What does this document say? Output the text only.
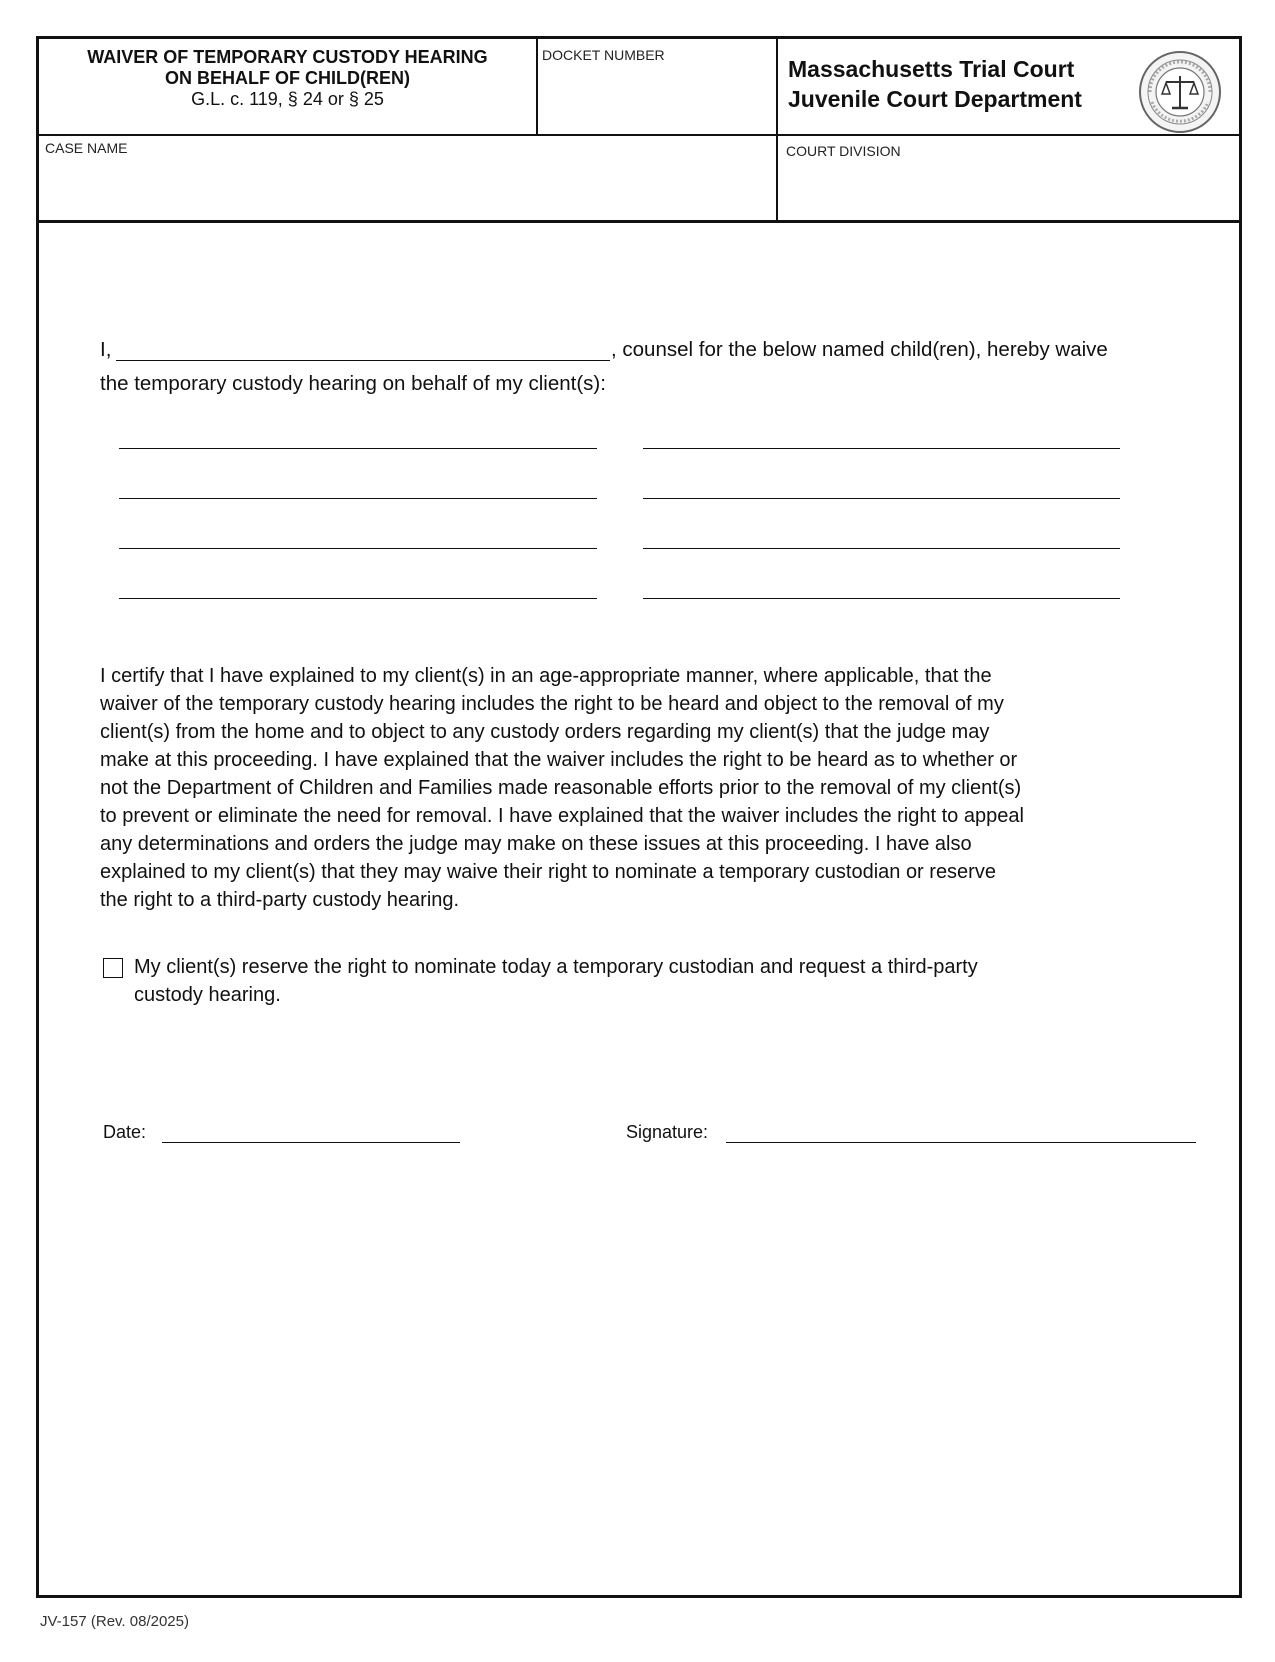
WAIVER OF TEMPORARY CUSTODY HEARING
ON BEHALF OF CHILD(REN)
G.L. c. 119, § 24 or § 25
DOCKET NUMBER
Massachusetts Trial Court
Juvenile Court Department
CASE NAME	COURT DIVISION
I,	, counsel for the below named child(ren), hereby waive
the temporary custody hearing on behalf of my client(s):
I certify that I have explained to my client(s) in an age-appropriate manner, where applicable, that the
waiver of the temporary custody hearing includes the right to be heard and object to the removal of my
client(s) from the home and to object to any custody orders regarding my client(s) that the judge may
make at this proceeding. I have explained that the waiver includes the right to be heard as to whether or
not the Department of Children and Families made reasonable efforts prior to the removal of my client(s)
to prevent or eliminate the need for removal. I have explained that the waiver includes the right to appeal
any determinations and orders the judge may make on these issues at this proceeding. I have also
explained to my client(s) that they may waive their right to nominate a temporary custodian or reserve
the right to a third-party custody hearing.
My client(s) reserve the right to nominate today a temporary custodian and request a third-party
custody hearing.
Date:	Signature:
JV-157 (Rev. 08/2025)
